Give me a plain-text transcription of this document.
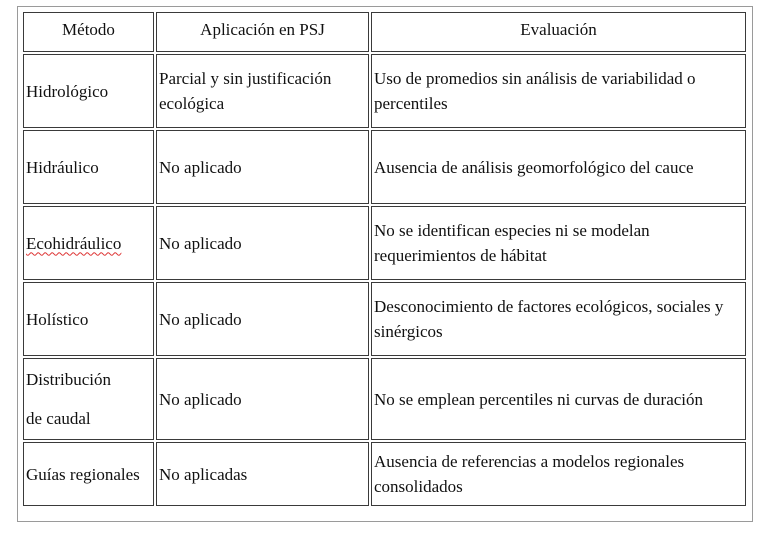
Método	Aplicación en PSJ	Evaluación
Hidrológico	Parcial y sin justificación ecológica	Uso de promedios sin análisis de variabilidad o percentiles
Hidráulico	No aplicado	Ausencia de análisis geomorfológico del cauce
Ecohidráulico	No aplicado	No se identifican especies ni se modelan requerimientos de hábitat
Holístico	No aplicado	Desconocimiento de factores ecológicos, sociales y sinérgicos

Distribución
de caudal	No aplicado	No se emplean percentiles ni curvas de duración
Guías regionales	No aplicadas	Ausencia de referencias a modelos regionales consolidados
